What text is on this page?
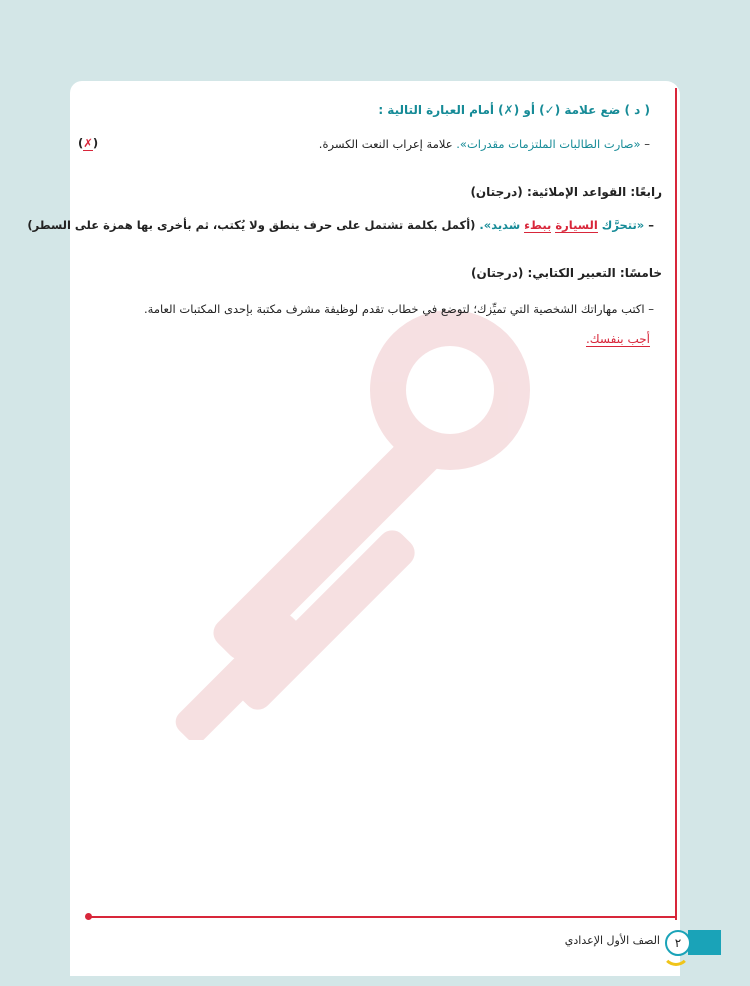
( د ) ضع علامة (✓) أو (✗) أمام العبارة التالية :
– «صارت الطالبات الملتزمات مقدرات». علامة إعراب النعت الكسرة.
(✗)
رابعًا: القواعد الإملائية: (درجتان)
– «تتحرَّك السيارة ببطء شديد». (أكمل بكلمة تشتمل على حرف ينطق ولا يُكتب، ثم بأخرى بها همزة على السطر)
خامسًا: التعبير الكتابي: (درجتان)
– اكتب مهاراتك الشخصية التي تميِّزك؛ لتوضع في خطاب تقدم لوظيفة مشرف مكتبة بإحدى المكتبات العامة.
أجب بنفسك.
٢
الصف الأول الإعدادي
